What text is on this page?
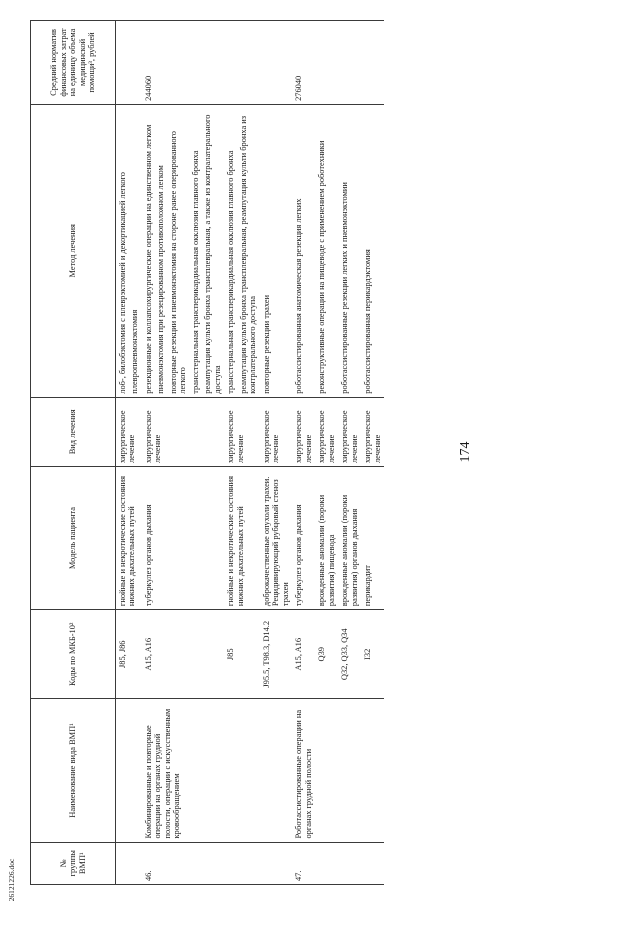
174
№ группы ВМП¹	Наименование вида ВМП¹	Коды по МКБ-10²	Модель пациента	Вид лечения	Метод лечения	Средний норматив финансовых затрат на единицу объема медицинской помощи³, рублей
		J85, J86	гнойные и некротические состояния нижних дыхательных путей	хирургическое лечение	лоб-, билобэктомия с плеврэктомией и декортикацией легкого плевропневмонэктомия	

46.	Комбинированные и повторные операции на органах грудной полости, операции с искусственным кровообращением	A15, A16	туберкулез органов дыхания	хирургическое лечение	резекционные и коллапсохирургические операции на единственном легком пневмонэктомия при резецированном противоположном легком повторные резекции и пневмонэктомия на стороне ранее оперированного легкого трансстернальная транcперикардиальная окклюзия главного бронха реампутация культи бронха трансплевральная, а также из контралатерального доступа	244060
		J85	гнойные и некротические состояния нижних дыхательных путей	хирургическое лечение	трансстернальная транcперикардиальная окклюзия главного бронха реампутация культи бронха трансплевральная, реампутация культи бронха из контрлатерального доступа	

		J95.5, T98.3, D14.2	доброкачественные опухоли трахеи. Рецидивирующий рубцовый стеноз трахеи	хирургическое лечение	повторные резекции трахеи	

47.	Роботассистированные операции на органах грудной полости	A15, A16	туберкулез органов дыхания	хирургическое лечение	роботассистированная анатомическая резекция легких	276040
		Q39	врожденные аномалии (пороки развития) пищевода	хирургическое лечение	реконструктивные операции на пищеводе с применением роботехники	

		Q32, Q33, Q34	врожденные аномалии (пороки развития) органов дыхания	хирургическое лечение	роботассистированные резекции легких и пневмонэктомии	

		I32	перикардит	хирургическое лечение	роботассистированная перикардэктомия	

26121226.doc
